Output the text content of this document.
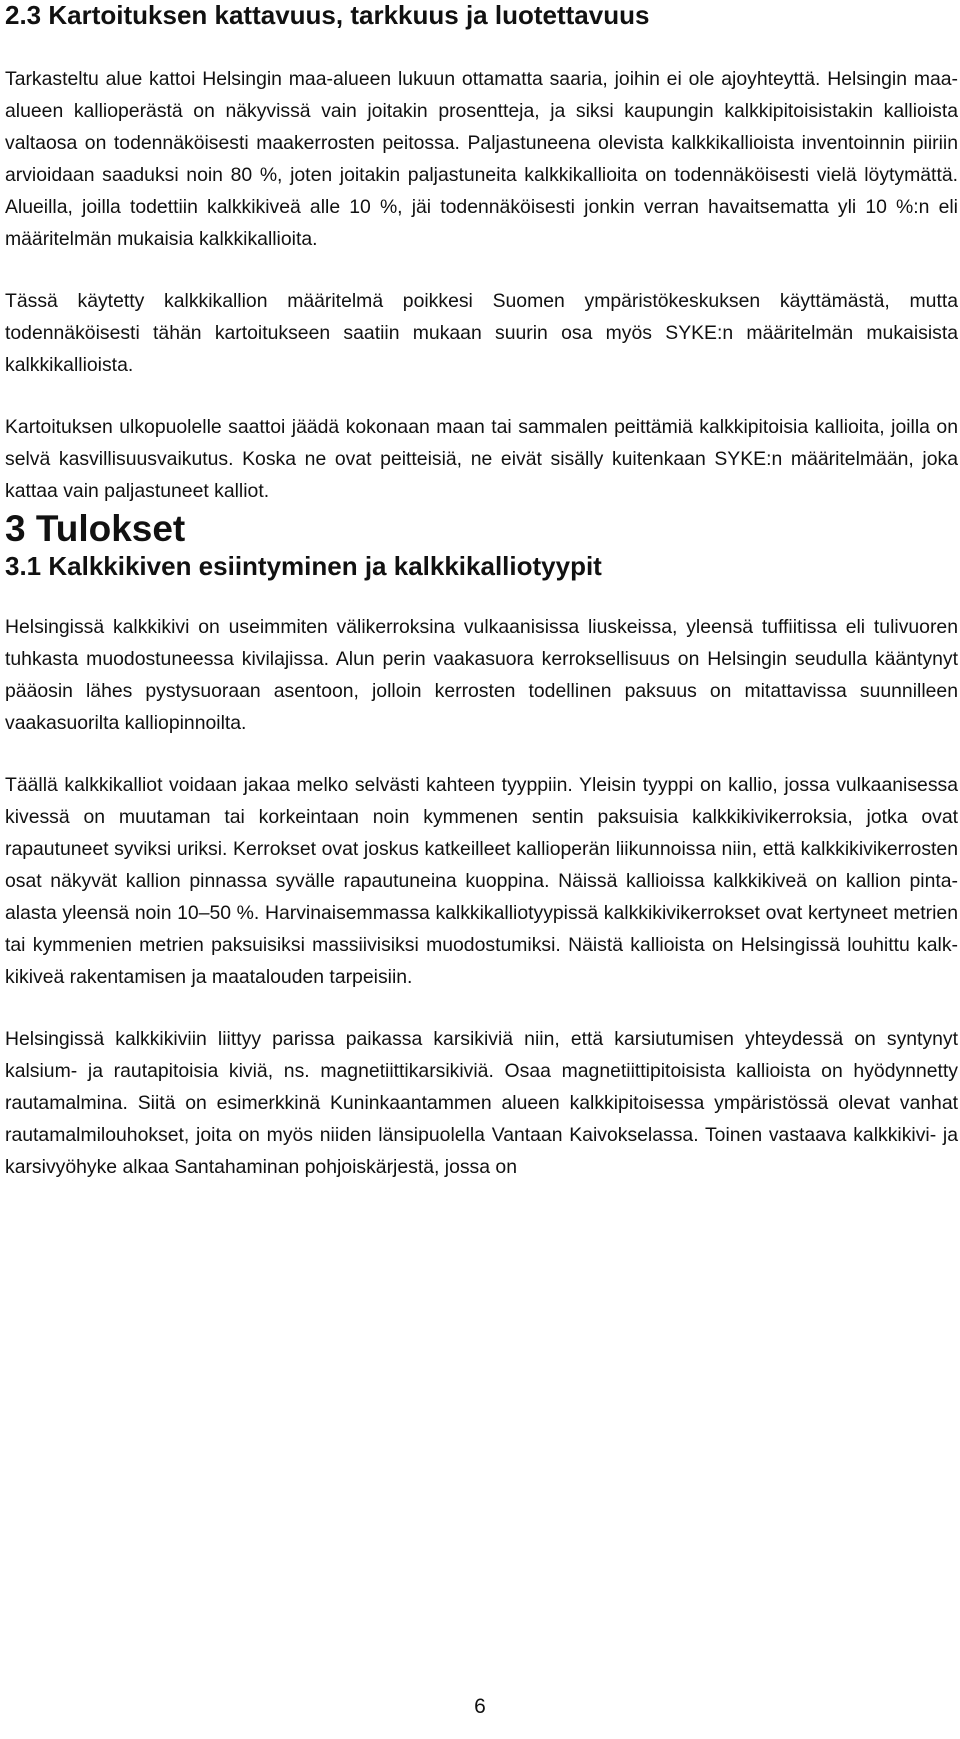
2.3 Kartoituksen kattavuus, tarkkuus ja luotettavuus

Tarkasteltu alue kattoi Helsingin maa-alueen lukuun ottamatta saaria, joihin ei ole ajoyhteyttä. Helsingin maa-alueen kallioperästä on näkyvissä vain joitakin prosentteja, ja siksi kaupungin kalkkipitoisistakin kallioista valtaosa on todennäköisesti maakerrosten peitossa. Paljastuneena olevista kalkkikallioista inventoinnin piiriin arvioidaan saaduksi noin 80 %, joten joitakin paljastuneita kalkkikallioita on todennäköisesti vielä löytymättä. Alueilla, joilla todettiin kalkkikiveä alle 10 %, jäi todennäköisesti jonkin verran havaitsematta yli 10 %:n eli määritelmän mukaisia kalkkikallioita.

Tässä käytetty kalkkikallion määritelmä poikkesi Suomen ympäristökeskuksen käyttämästä, mutta todennäköisesti tähän kartoitukseen saatiin mukaan suurin osa myös SYKE:n määritelmän mukaisista kalkkikallioista.

Kartoituksen ulkopuolelle saattoi jäädä kokonaan maan tai sammalen peittämiä kalkkipitoisia kallioita, joilla on selvä kasvillisuusvaikutus. Koska ne ovat peitteisiä, ne eivät sisälly kuitenkaan SYKE:n määritelmään, joka kattaa vain paljastuneet kalliot.

3 Tulokset
3.1 Kalkkikiven esiintyminen ja kalkkikalliotyypit

Helsingissä kalkkikivi on useimmiten välikerroksina vulkaanisissa liuskeissa, yleensä tuffiitissa eli tulivuoren tuhkasta muodostuneessa kivilajissa. Alun perin vaakasuora kerroksellisuus on Helsingin seudulla kääntynyt pääosin lähes pystysuoraan asentoon, jolloin kerrosten todellinen paksuus on mitattavissa suunnilleen vaakasuorilta kalliopinnoilta.

Täällä kalkkikalliot voidaan jakaa melko selvästi kahteen tyyppiin. Yleisin tyyppi on kallio, jossa vulkaanisessa kivessä on muutaman tai korkeintaan noin kymmenen sentin paksuisia kalkkikivikerroksia, jotka ovat rapautuneet syviksi uriksi. Kerrokset ovat joskus katkeilleet kallioperän liikunnoissa niin, että kalkkikivikerrosten osat näkyvät kallion pinnassa syvälle rapautuneina kuoppina. Näissä kallioissa kalkkikiveä on kallion pinta-alasta yleensä noin 10–50 %. Harvinaisemmassa kalkkikalliotyypissä kalkkikivikerrokset ovat kertyneet metrien tai kymmenien metrien paksuisiksi massiivisiksi muodostumiksi. Näistä kallioista on Helsingissä louhittu kalkkikiveä rakentamisen ja maatalouden tarpeisiin.

Helsingissä kalkkikiviin liittyy parissa paikassa karsikiviä niin, että karsiutumisen yhteydessä on syntynyt kalsium- ja rautapitoisia kiviä, ns. magnetiittikarsikiviä. Osaa magnetiittipitoisista kallioista on hyödynnetty rautamalmina. Siitä on esimerkkinä Kuninkaantammen alueen kalkkipitoisessa ympäristössä olevat vanhat rautamalmilouhokset, joita on myös niiden länsipuolella Vantaan Kaivokselassa. Toinen vastaava kalkkikivi- ja karsivyöhyke alkaa Santahaminan pohjoiskärjestä, jossa on

6
